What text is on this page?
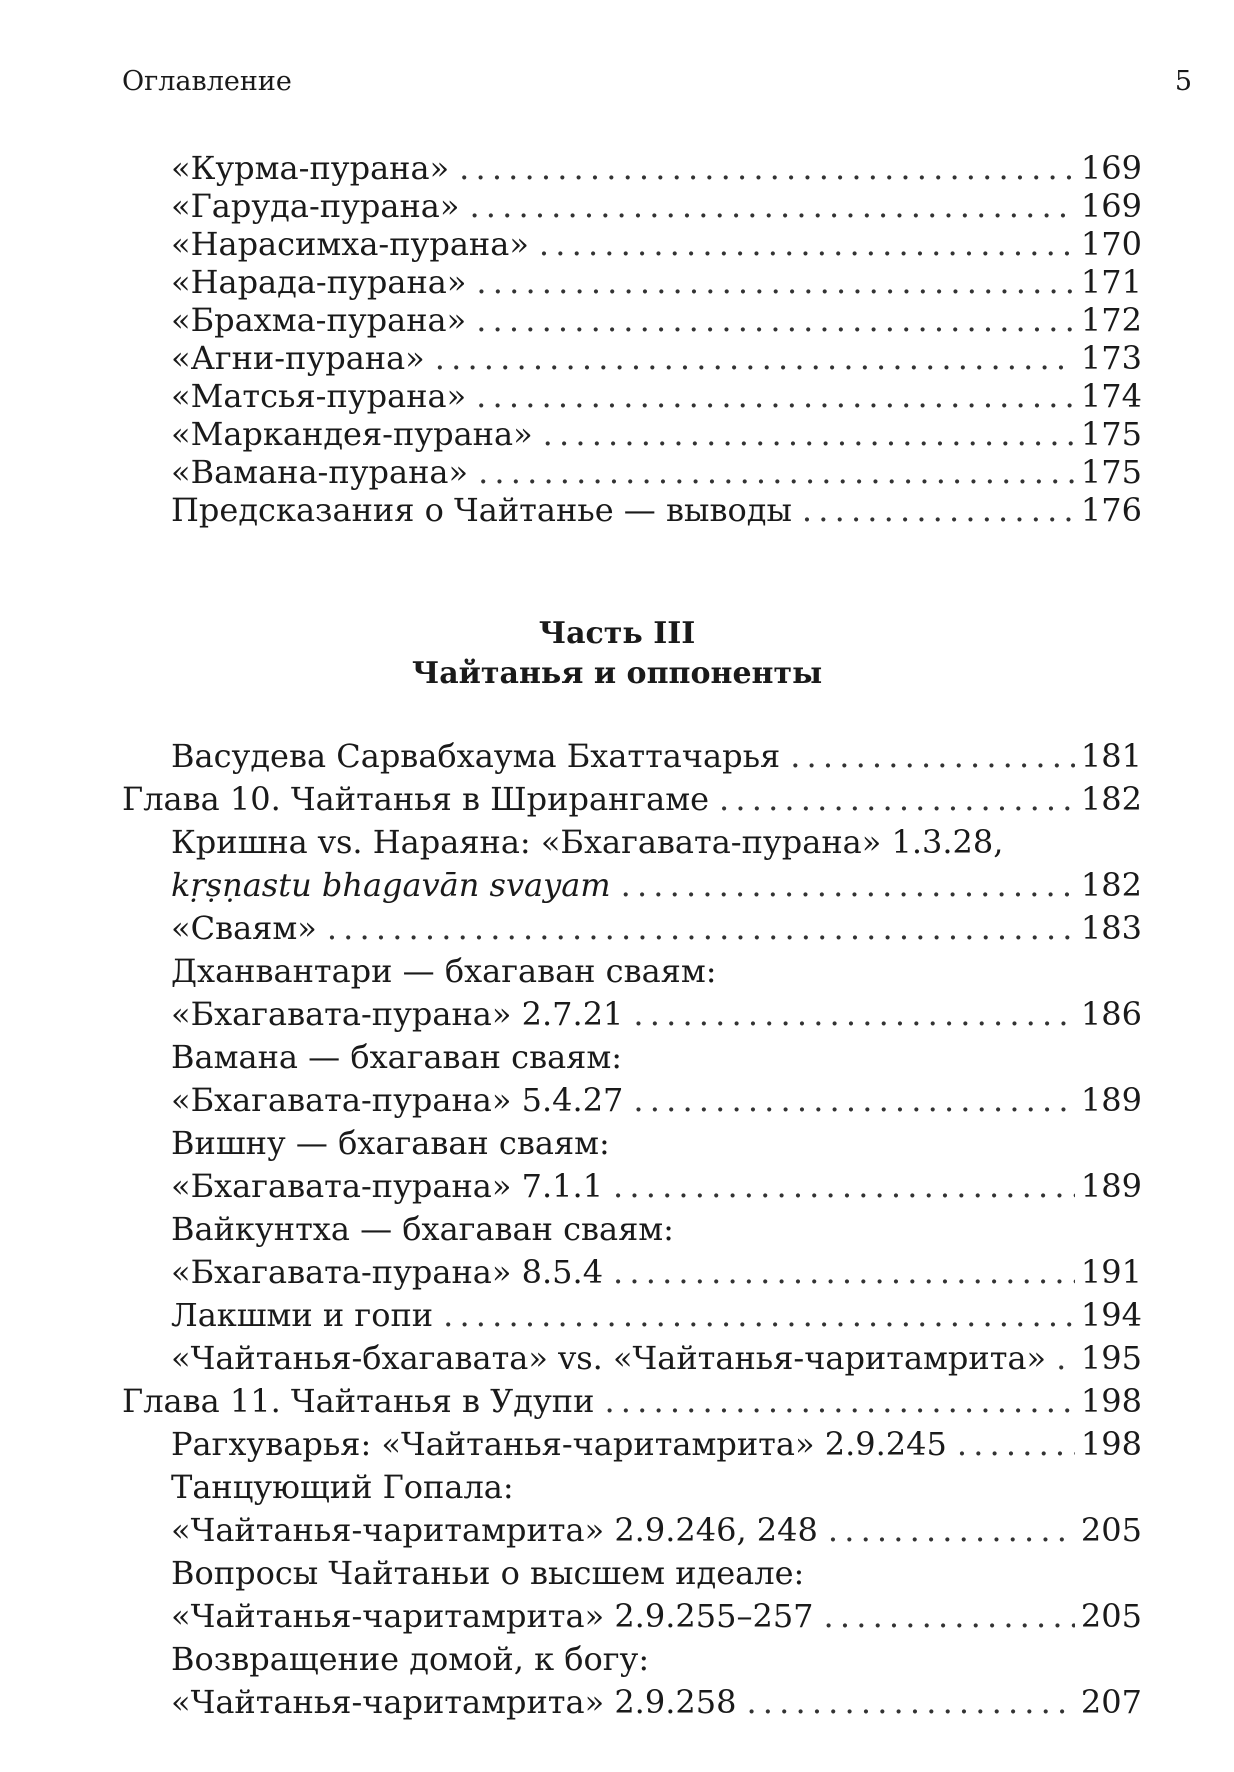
Оглавление	5
«Курма-пурана» . . .	169
«Гаруда-пурана» . . .	169
«Нарасимха-пурана» . . .	170
«Нарада-пурана» . . .	171
«Брахма-пурана» . . .	172
«Агни-пурана» . . .	173
«Матсья-пурана» . . .	174
«Маркандея-пурана» . . .	175
«Вамана-пурана» . . .	175
Предсказания о Чайтанье — выводы . . .	176
Часть III
Чайтанья и оппоненты
Васудева Сарвабхаума Бхаттачарья . . .	181
Глава 10. Чайтанья в Шрирангаме . . .	182
Кришна vs. Нараяна: «Бхагавата-пурана» 1.3.28,
kṛṣṇastu bhagavān svayam . . .	182
«Сваям» . . .	183
Дханвантари — бхагаван сваям:
«Бхагавата-пурана» 2.7.21 . . .	186
Вамана — бхагаван сваям:
«Бхагавата-пурана» 5.4.27 . . .	189
Вишну — бхагаван сваям:
«Бхагавата-пурана» 7.1.1 . . .	189
Вайкунтха — бхагаван сваям:
«Бхагавата-пурана» 8.5.4 . . .	191
Лакшми и гопи . . .	194
«Чайтанья-бхагавата» vs. «Чайтанья-чаритамрита» . . . 195
Глава 11. Чайтанья в Удупи . . .	198
Рагхуварья: «Чайтанья-чаритамрита» 2.9.245 . . .	198
Танцующий Гопала:
«Чайтанья-чаритамрита» 2.9.246, 248 . . .	205
Вопросы Чайтаньи о высшем идеале:
«Чайтанья-чаритамрита» 2.9.255–257 . . .	205
Возвращение домой, к богу:
«Чайтанья-чаритамрита» 2.9.258 . . .	207
